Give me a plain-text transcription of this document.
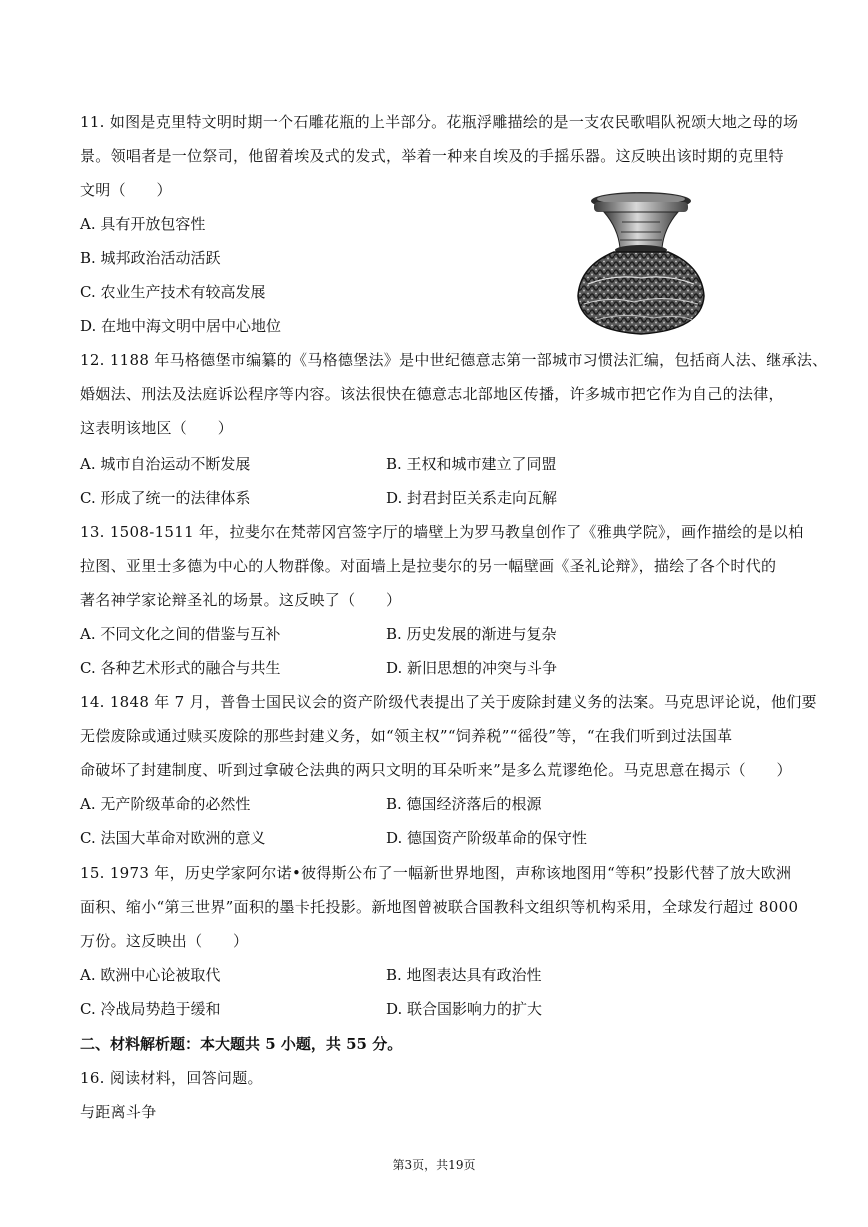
11. 如图是克里特文明时期一个石雕花瓶的上半部分。花瓶浮雕描绘的是一支农民歌唱队祝颂大地之母的场
景。领唱者是一位祭司，他留着埃及式的发式，举着一种来自埃及的手摇乐器。这反映出该时期的克里特
文明（　　）
A. 具有开放包容性
B. 城邦政治活动活跃
C. 农业生产技术有较高发展
D. 在地中海文明中居中心地位
12. 1188 年马格德堡市编纂的《马格德堡法》是中世纪德意志第一部城市习惯法汇编，包括商人法、继承法、
婚姻法、刑法及法庭诉讼程序等内容。该法很快在德意志北部地区传播，许多城市把它作为自己的法律，
这表明该地区（　　）
A. 城市自治运动不断发展	B. 王权和城市建立了同盟
C. 形成了统一的法律体系	D. 封君封臣关系走向瓦解
13. 1508-1511 年，拉斐尔在梵蒂冈宫签字厅的墙壁上为罗马教皇创作了《雅典学院》，画作描绘的是以柏
拉图、亚里士多德为中心的人物群像。对面墙上是拉斐尔的另一幅壁画《圣礼论辩》，描绘了各个时代的
著名神学家论辩圣礼的场景。这反映了（　　）
A. 不同文化之间的借鉴与互补	B. 历史发展的渐进与复杂
C. 各种艺术形式的融合与共生	D. 新旧思想的冲突与斗争
14. 1848 年 7 月，普鲁士国民议会的资产阶级代表提出了关于废除封建义务的法案。马克思评论说，他们要
无偿废除或通过赎买废除的那些封建义务，如“领主权”“饲养税”“徭役”等，“在我们听到过法国革
命破坏了封建制度、听到过拿破仑法典的两只文明的耳朵听来”是多么荒谬绝伦。马克思意在揭示（　　）
A. 无产阶级革命的必然性	B. 德国经济落后的根源
C. 法国大革命对欧洲的意义	D. 德国资产阶级革命的保守性
15. 1973 年，历史学家阿尔诺•彼得斯公布了一幅新世界地图，声称该地图用“等积”投影代替了放大欧洲
面积、缩小“第三世界”面积的墨卡托投影。新地图曾被联合国教科文组织等机构采用，全球发行超过 8000
万份。这反映出（　　）
A. 欧洲中心论被取代	B. 地图表达具有政治性
C. 冷战局势趋于缓和	D. 联合国影响力的扩大
二、材料解析题：本大题共 5 小题，共 55 分。
16. 阅读材料，回答问题。
与距离斗争
第3页，共19页
